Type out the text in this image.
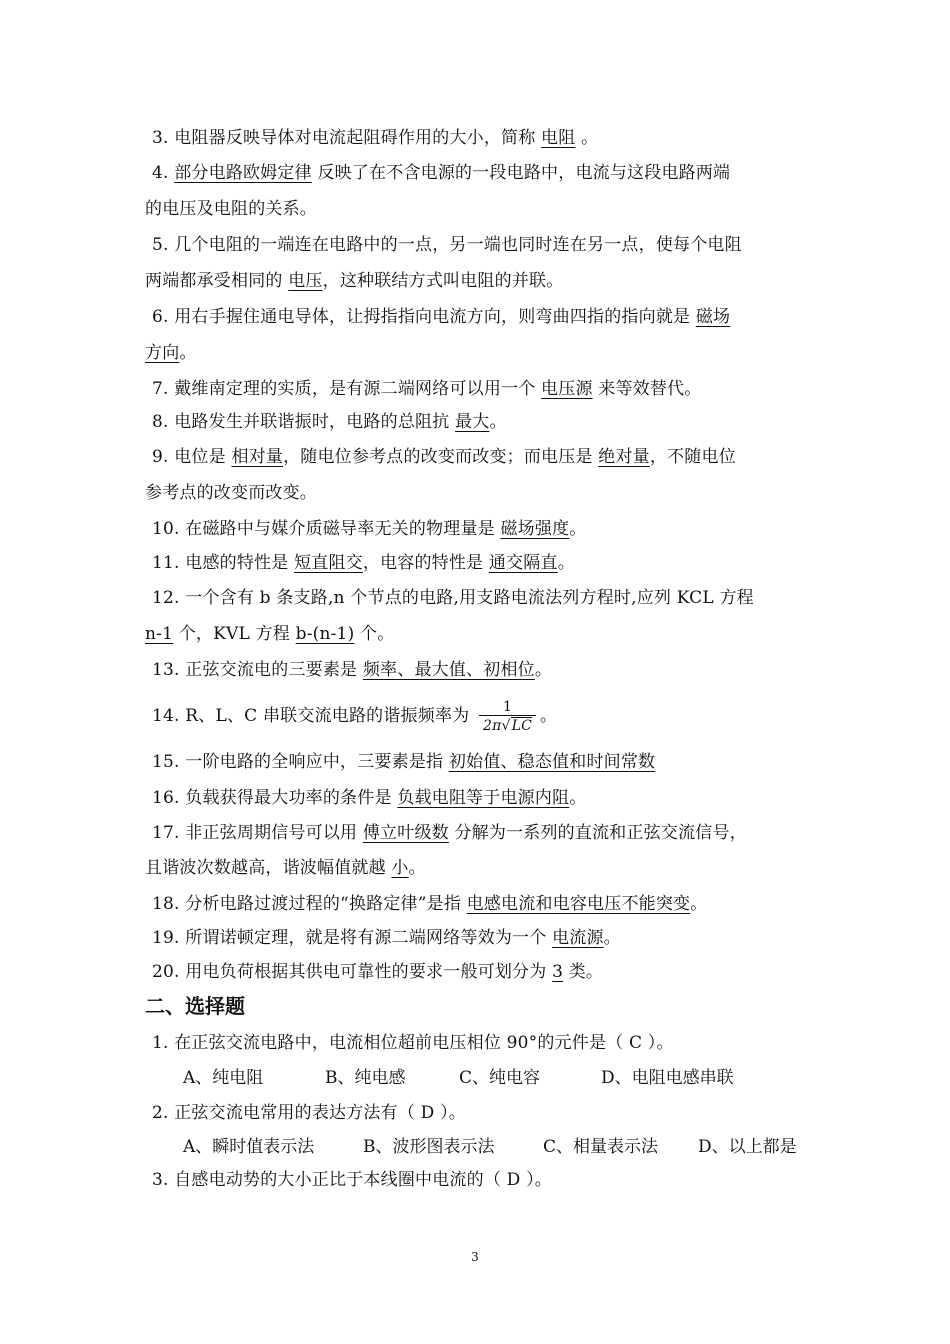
3. 电阻器反映导体对电流起阻碍作用的大小，简称 电阻 。
4. 部分电路欧姆定律 反映了在不含电源的一段电路中，电流与这段电路两端
的电压及电阻的关系。
5. 几个电阻的一端连在电路中的一点，另一端也同时连在另一点，使每个电阻
两端都承受相同的 电压，这种联结方式叫电阻的并联。
6. 用右手握住通电导体，让拇指指向电流方向，则弯曲四指的指向就是 磁场
方向。
7. 戴维南定理的实质，是有源二端网络可以用一个 电压源 来等效替代。
8. 电路发生并联谐振时，电路的总阻抗 最大。
9. 电位是 相对量，随电位参考点的改变而改变；而电压是 绝对量，不随电位
参考点的改变而改变。
10. 在磁路中与媒介质磁导率无关的物理量是 磁场强度。
11. 电感的特性是 短直阻交，电容的特性是 通交隔直。
12. 一个含有 b 条支路,n 个节点的电路,用支路电流法列方程时,应列 KCL 方程
n-1 个，KVL 方程 b-(n-1) 个。
13. 正弦交流电的三要素是 频率、最大值、初相位。
14. R、L、C 串联交流电路的谐振频率为 $\frac{1}{2\pi√LC}$ 。
15. 一阶电路的全响应中，三要素是指 初始值、稳态值和时间常数
16. 负载获得最大功率的条件是 负载电阻等于电源内阻。
17. 非正弦周期信号可以用 傅立叶级数 分解为一系列的直流和正弦交流信号，
且谐波次数越高，谐波幅值就越 小。
18. 分析电路过渡过程的“换路定律”是指 电感电流和电容电压不能突变。
19. 所谓诺顿定理，就是将有源二端网络等效为一个 电流源。
20. 用电负荷根据其供电可靠性的要求一般可划分为 3 类。
二、选择题
1. 在正弦交流电路中，电流相位超前电压相位 90°的元件是（ C ）。
A、纯电阻	B、纯电感	C、纯电容	D、电阻电感串联
2. 正弦交流电常用的表达方法有（ D ）。
A、瞬时值表示法	B、波形图表示法	C、相量表示法 D、以上都是
3. 自感电动势的大小正比于本线圈中电流的（ D ）。
3
